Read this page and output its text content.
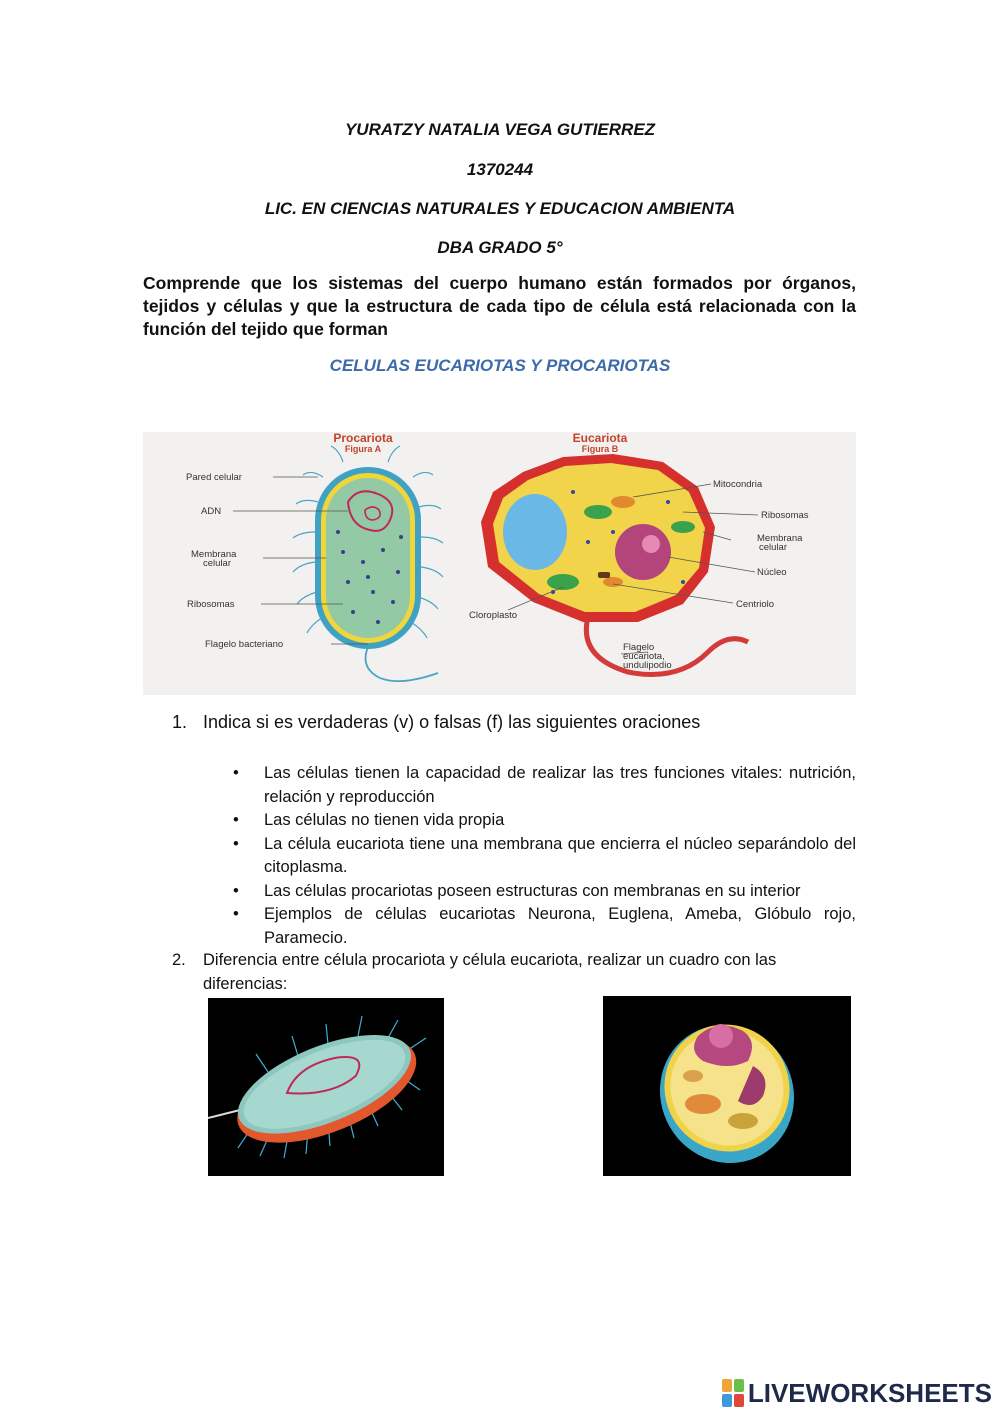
YURATZY NATALIA VEGA GUTIERREZ
1370244
LIC. EN CIENCIAS NATURALES Y EDUCACION AMBIENTA
DBA GRADO 5°
Comprende que los sistemas del cuerpo humano están formados por órganos, tejidos y células y que la estructura de cada tipo de célula está relacionada con la función del tejido que forman
CELULAS EUCARIOTAS Y PROCARIOTAS
Procariota
Figura A
Pared celular
ADN
Membrana
celular
Ribosomas
Flagelo bacteriano
Eucariota
Figura B
Mitocondria
Ribosomas
Membrana
celular
Núcleo
Centriolo
Cloroplasto
Flagelo
eucariota,
undulipodio
1. Indica si es verdaderas (v) o falsas (f) las siguientes oraciones
• Las células tienen la capacidad de realizar las tres funciones vitales: nutrición, relación y reproducción
• Las células no tienen vida propia
• La célula eucariota tiene una membrana que encierra el núcleo separándolo del citoplasma.
• Las células procariotas poseen estructuras con membranas en su interior
• Ejemplos de células eucariotas Neurona, Euglena, Ameba, Glóbulo rojo, Paramecio.
2. Diferencia entre célula procariota y célula eucariota, realizar un cuadro con las diferencias:
LIVEWORKSHEETS
